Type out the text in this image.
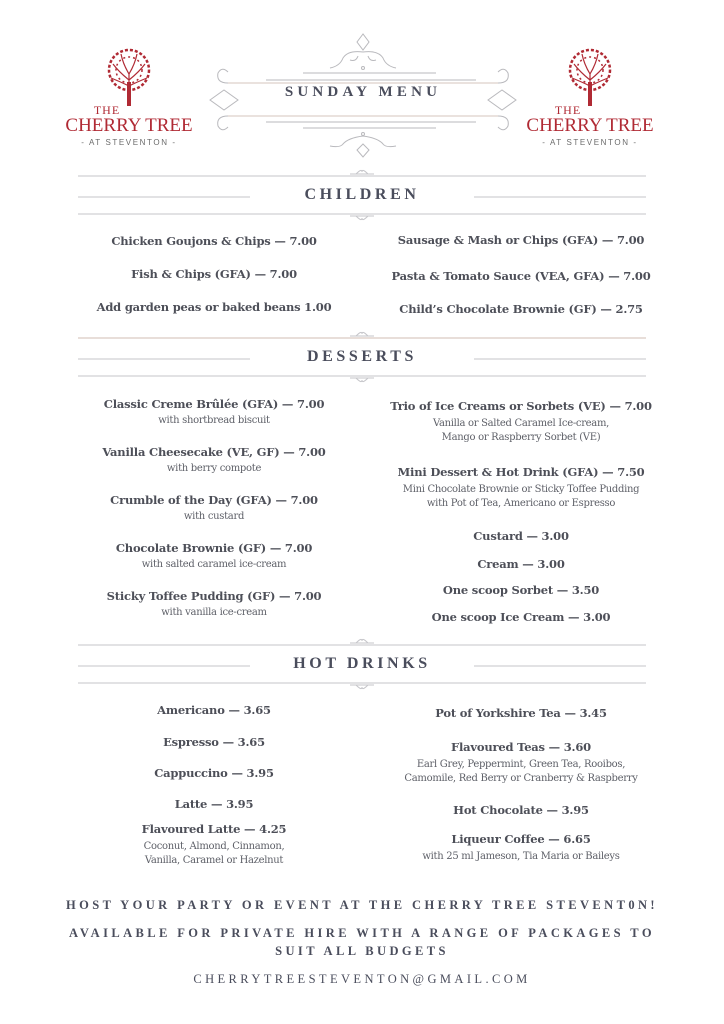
THE
CHERRY TREE
- AT STEVENTON -
THE
CHERRY TREE
- AT STEVENTON -
SUNDAY MENU
CHILDREN
Chicken Goujons & Chips — 7.00
Fish & Chips (GFA) — 7.00
Add garden peas or baked beans 1.00
Sausage & Mash or Chips (GFA) — 7.00
Pasta & Tomato Sauce (VEA, GFA) — 7.00
Child’s Chocolate Brownie (GF) — 2.75
DESSERTS
Classic Creme Brûlée (GFA) — 7.00
with shortbread biscuit
Vanilla Cheesecake (VE, GF) — 7.00
with berry compote
Crumble of the Day (GFA) — 7.00
with custard
Chocolate Brownie (GF) — 7.00
with salted caramel ice-cream
Sticky Toffee Pudding (GF) — 7.00
with vanilla ice-cream
Trio of Ice Creams or Sorbets (VE) — 7.00
Vanilla or Salted Caramel Ice-cream,
Mango or Raspberry Sorbet (VE)
Mini Dessert & Hot Drink (GFA) — 7.50
Mini Chocolate Brownie or Sticky Toffee Pudding
with Pot of Tea, Americano or Espresso
Custard — 3.00
Cream — 3.00
One scoop Sorbet — 3.50
One scoop Ice Cream — 3.00
HOT DRINKS
Americano — 3.65
Espresso — 3.65
Cappuccino — 3.95
Latte — 3.95
Flavoured Latte — 4.25
Coconut, Almond, Cinnamon,
Vanilla, Caramel or Hazelnut
Pot of Yorkshire Tea — 3.45
Flavoured Teas — 3.60
Earl Grey, Peppermint, Green Tea, Rooibos,
Camomile, Red Berry or Cranberry & Raspberry
Hot Chocolate — 3.95
Liqueur Coffee — 6.65
with 25 ml Jameson, Tia Maria or Baileys
HOST YOUR PARTY OR EVENT AT THE CHERRY TREE STEVENT0N!
AVAILABLE FOR PRIVATE HIRE WITH A RANGE OF PACKAGES TO
SUIT ALL BUDGETS
CHERRYTREESTEVENTON@GMAIL.COM
